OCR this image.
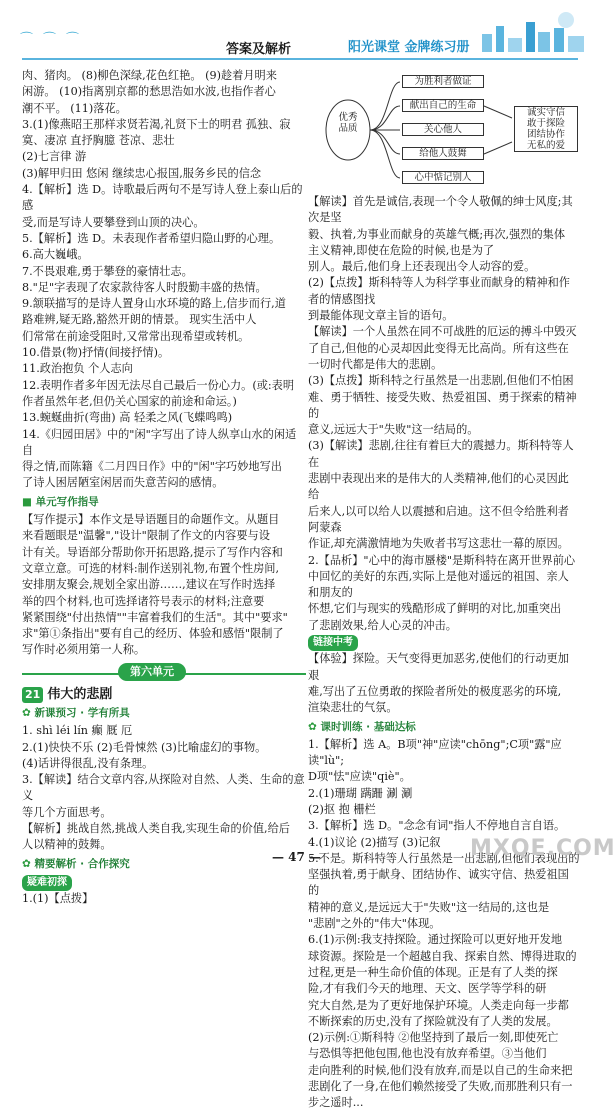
⌒⌒⌒
答案及解析	阳光课堂 金牌练习册

肉、猪肉。 (8)柳色深绿,花色红艳。 (9)趁着月明来

闲游。 (10)指离别京都的愁思浩如水波,也指作者心

潮不平。 (11)落花。

3.(1)像燕昭王那样求贤若渴,礼贤下士的明君 孤独、寂

寞、凄凉 直抒胸臆 苍凉、悲壮

(2)七言律 游

(3)解甲归田 悠闲 继续忠心报国,服务乡民的信念

4.【解析】选 D。诗歌最后两句不是写诗人登上泰山后的感

受,而是写诗人要攀登到山顶的决心。

5.【解析】选 D。未表现作者希望归隐山野的心理。

6.高大巍峨。

7.不畏艰难,勇于攀登的豪情壮志。

8."足"字表现了农家款待客人时殷勤丰盛的热情。

9.颔联描写的是诗人置身山水环境的路上,信步而行,道

路难辨,疑无路,豁然开朗的情景。 现实生活中人

们常常在前途受阻时,又常常出现希望或转机。

10.借景(物)抒情(间接抒情)。

11.政治抱负 个人志向

12.表明作者多年因无法尽自己最后一份心力。(或:表明

作者虽然年老,但仍关心国家的前途和命运。)

13.蜿蜒曲折(弯曲) 高 轻柔之风(飞蝶鸣鸣)

14.《归园田居》中的"闲"字写出了诗人纵享山水的闲适自

得之情,而陈籍《二月四日作》中的"闲"字巧妙地写出

了诗人困居陋室闲居而失意苦闷的感情。

■ 单元写作指导

【写作提示】本作文是导语题目的命题作文。从题目

来看题眼是"温馨","设计"限制了作文的内容要与设

计有关。导语部分帮助你开拓思路,提示了写作内容和

文章立意。可选的材料:制作送别礼物,布置个性房间,

安排朋友聚会,规划全家出游……,建议在写作时选择

举的四个材料,也可选择诸符号表示的材料;注意要

紧紧围绕"付出热情""丰富着我们的生活"。其中"要求"

求"第①条指出"要有自己的经历、体验和感悟"限制了

写作时必须用第一人称。

第六单元
21 伟大的悲剧
✿ 新课预习 · 学有所具

1. shì léi lín 癫 厩 厄

2.(1)快快不乐 (2)毛骨悚然 (3)比喻虚幻的事物。

(4)话讲得很乱,没有条理。

3.【解读】结合文章内容,从探险对自然、人类、生命的意义

等几个方面思考。

【解析】挑战自然,挑战人类自我,实现生命的价值,给后

人以精神的鼓舞。

✿ 精要解析 · 合作探究
疑难初探

1.(1)【点拨】

优秀品质
为胜利者做证
献出自己的生命
关心他人
给他人鼓舞
心中惦记别人
诚实守信
敢于探险
团结协作
无私的爱

【解读】首先是诚信,表现一个令人敬佩的绅士风度;其次是坚

毅、执着,为事业而献身的英雄气概;再次,强烈的集体

主义精神,即使在危险的时候,也是为了

别人。最后,他们身上还表现出令人动容的爱。

(2)【点拨】斯科特等人为科学事业而献身的精神和作者的情感图找

到最能体现文章主旨的语句。

【解读】一个人虽然在同不可战胜的厄运的搏斗中毁灭

了自己,但他的心灵却因此变得无比高尚。所有这些在

一切时代都是伟大的悲剧。

(3)【点拨】斯科特之行虽然是一出悲剧,但他们不怕困

难、勇于牺牲、接受失败、热爱祖国、勇于探索的精神的

意义,远远大于"失败"这一结局的。

(3)【解读】悲剧,往往有着巨大的震撼力。斯科特等人在

悲剧中表现出来的是伟大的人类精神,他们的心灵因此给

后来人,以可以给人以震撼和启迪。这不但令给胜利者阿蒙森

作证,却充满激情地为失败者书写这悲壮一幕的原因。

2.【品析】"心中的海市蜃楼"是斯科特在离开世界前心

中回忆的美好的东西,实际上是他对遥远的祖国、亲人和朋友的

怀想,它们与现实的残酷形成了鲜明的对比,加重突出

了悲剧效果,给人心灵的冲击。

链接中考

【体验】探险。天气变得更加恶劣,使他们的行动更加艰

难,写出了五位勇敢的探险者所处的极度恶劣的环境,

渲染悲壮的气氛。

✿ 课时训练 · 基础达标

1.【解析】选 A。B项"神"应读"chōng";C项"露"应读"lù";

D项"怯"应读"qiè"。

2.(1)珊瑚 蹒跚 涮 涮

(2)抠 抱 栅栏

3.【解析】选 D。"念念有词"指人不停地自言自语。

4.(1)议论 (2)描写 (3)记叙

5.不是。斯科特等人行虽然是一出悲剧,但他们表现出的

坚强执着,勇于献身、团结协作、诚实守信、热爱祖国的

精神的意义,是远远大于"失败"这一结局的,这也是

"悲剧"之外的"伟大"体现。

6.(1)示例:我支持探险。通过探险可以更好地开发地

球资源。探险是一个超越自我、探索自然、博得进取的

过程,更是一种生命价值的体现。正是有了人类的探

险,才有我们今天的地理、天文、医学等学科的研

究大自然,是为了更好地保护环境。人类走向每一步都

不断探索的历史,没有了探险就没有了人类的发展。

(2)示例:①斯科特 ②他坚持到了最后一刻,即使死亡

与恐惧等把他包围,他也没有放弃希望。③当他们

走向胜利的时候,他们没有放弃,而是以自己的生命来把

悲剧化了一身,在他们赖然接受了失败,而那胜利只有一步之遥时...

— 47 —	MXQE.COM
